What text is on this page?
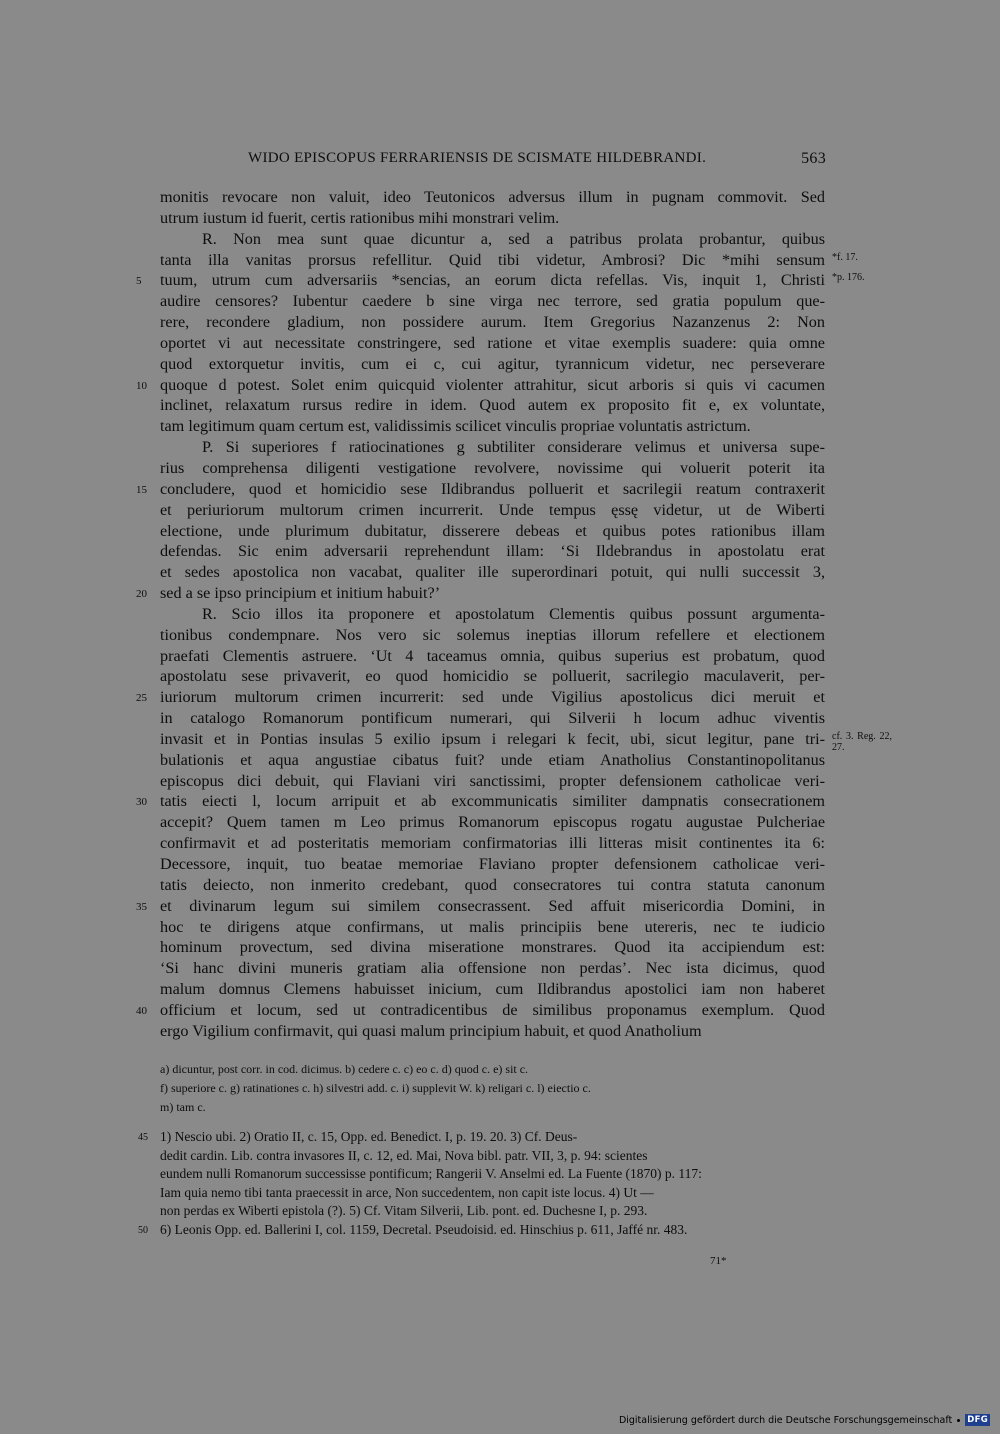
WIDO EPISCOPUS FERRARIENSIS DE SCISMATE HILDEBRANDI.	563
monitis revocare non valuit, ideo Teutonicos adversus illum in pugnam commovit. Sed
utrum iustum id fuerit, certis rationibus mihi monstrari velim.
R. Non mea sunt quae dicuntur a, sed a patribus prolata probantur, quibus
tanta illa vanitas prorsus refellitur. Quid tibi videtur, Ambrosi? Dic *mihi sensum *f. 17.
5 tuum, utrum cum adversariis *sencias, an eorum dicta refellas. Vis, inquit 1, Christi *p. 176.
audire censores? Iubentur caedere b sine virga nec terrore, sed gratia populum que-
rere, recondere gladium, non possidere aurum. Item Gregorius Nazanzenus 2: Non
oportet vi aut necessitate constringere, sed ratione et vitae exemplis suadere: quia omne
quod extorquetur invitis, cum ei c, cui agitur, tyrannicum videtur, nec perseverare
10 quoque d potest. Solet enim quicquid violenter attrahitur, sicut arboris si quis vi cacumen
inclinet, relaxatum rursus redire in idem. Quod autem ex proposito fit e, ex voluntate,
tam legitimum quam certum est, validissimis scilicet vinculis propriae voluntatis astrictum.
P. Si superiores f ratiocinationes g subtiliter considerare velimus et universa supe-
rius comprehensa diligenti vestigatione revolvere, novissime qui voluerit poterit ita
15 concludere, quod et homicidio sese Ildibrandus polluerit et sacrilegii reatum contraxerit
et periuriorum multorum crimen incurrerit. Unde tempus ęssę videtur, ut de Wiberti
electione, unde plurimum dubitatur, disserere debeas et quibus potes rationibus illam
defendas. Sic enim adversarii reprehendunt illam: ‘Si Ildebrandus in apostolatu erat
et sedes apostolica non vacabat, qualiter ille superordinari potuit, qui nulli successit 3,
20 sed a se ipso principium et initium habuit?’
R. Scio illos ita proponere et apostolatum Clementis quibus possunt argumenta-
tionibus condempnare. Nos vero sic solemus ineptias illorum refellere et electionem
praefati Clementis astruere. ‘Ut 4 taceamus omnia, quibus superius est probatum, quod
apostolatu sese privaverit, eo quod homicidio se polluerit, sacrilegio maculaverit, per-
25 iuriorum multorum crimen incurrerit: sed unde Vigilius apostolicus dici meruit et
in catalogo Romanorum pontificum numerari, qui Silverii h locum adhuc viventis
invasit et in Pontias insulas 5 exilio ipsum i relegari k fecit, ubi, sicut legitur, pane tri- cf. 3. Reg. 22, 27.
bulationis et aqua angustiae cibatus fuit? unde etiam Anatholius Constantinopolitanus
episcopus dici debuit, qui Flaviani viri sanctissimi, propter defensionem catholicae veri-
30 tatis eiecti l, locum arripuit et ab excommunicatis similiter dampnatis consecrationem
accepit? Quem tamen m Leo primus Romanorum episcopus rogatu augustae Pulcheriae
confirmavit et ad posteritatis memoriam confirmatorias illi litteras misit continentes ita 6:
Decessore, inquit, tuo beatae memoriae Flaviano propter defensionem catholicae veri-
tatis deiecto, non inmerito credebant, quod consecratores tui contra statuta canonum
35 et divinarum legum sui similem consecrassent. Sed affuit misericordia Domini, in
hoc te dirigens atque confirmans, ut malis principiis bene utereris, nec te iudicio
hominum provectum, sed divina miseratione monstrares. Quod ita accipiendum est:
‘Si hanc divini muneris gratiam alia offensione non perdas’. Nec ista dicimus, quod
malum domnus Clemens habuisset inicium, cum Ildibrandus apostolici iam non haberet
40 officium et locum, sed ut contradicentibus de similibus proponamus exemplum. Quod
ergo Vigilium confirmavit, qui quasi malum principium habuit, et quod Anatholium
a) dicuntur, post corr. in cod. dicimus. b) cedere c. c) eo c. d) quod c. e) sit c.
f) superiore c. g) ratinationes c. h) silvestri add. c. i) supplevit W. k) religari c. l) eiectio c.
m) tam c.
45 1) Nescio ubi. 2) Oratio II, c. 15, Opp. ed. Benedict. I, p. 19. 20. 3) Cf. Deus-
dedit cardin. Lib. contra invasores II, c. 12, ed. Mai, Nova bibl. patr. VII, 3, p. 94: scientes
eundem nulli Romanorum successisse pontificum; Rangerii V. Anselmi ed. La Fuente (1870) p. 117:
Iam quia nemo tibi tanta praecessit in arce, Non succedentem, non capit iste locus. 4) Ut —
non perdas ex Wiberti epistola (?). 5) Cf. Vitam Silverii, Lib. pont. ed. Duchesne I, p. 293.
50 6) Leonis Opp. ed. Ballerini I, col. 1159, Decretal. Pseudoisid. ed. Hinschius p. 611, Jaffé nr. 483.
71*
Digitalisierung gefördert durch die Deutsche Forschungsgemeinschaft DFG
